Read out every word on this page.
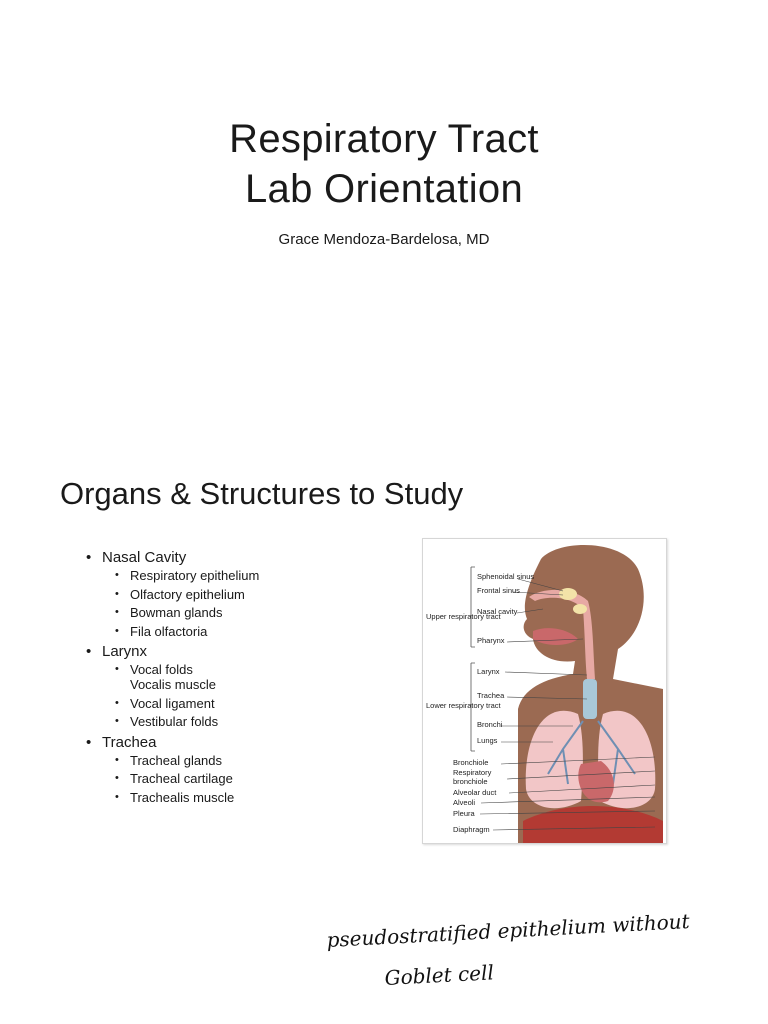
Respiratory Tract
Lab Orientation
Grace Mendoza-Bardelosa, MD
Organs & Structures to Study
• Nasal Cavity
• Respiratory epithelium
• Olfactory epithelium
• Bowman glands
• Fila olfactoria
• Larynx
• Vocal folds
Vocalis muscle
• Vocal ligament
• Vestibular folds
• Trachea
• Tracheal glands
• Tracheal cartilage
• Trachealis muscle
Upper respiratory tract
Lower respiratory tract
Sphenoidal sinus
Frontal sinus
Nasal cavity
Pharynx
Larynx
Trachea
Bronchi
Lungs
Bronchiole
Respiratory bronchiole
Alveolar duct
Alveoli
Pleura
Diaphragm
pseudostratified epithelium without
Goblet cell
